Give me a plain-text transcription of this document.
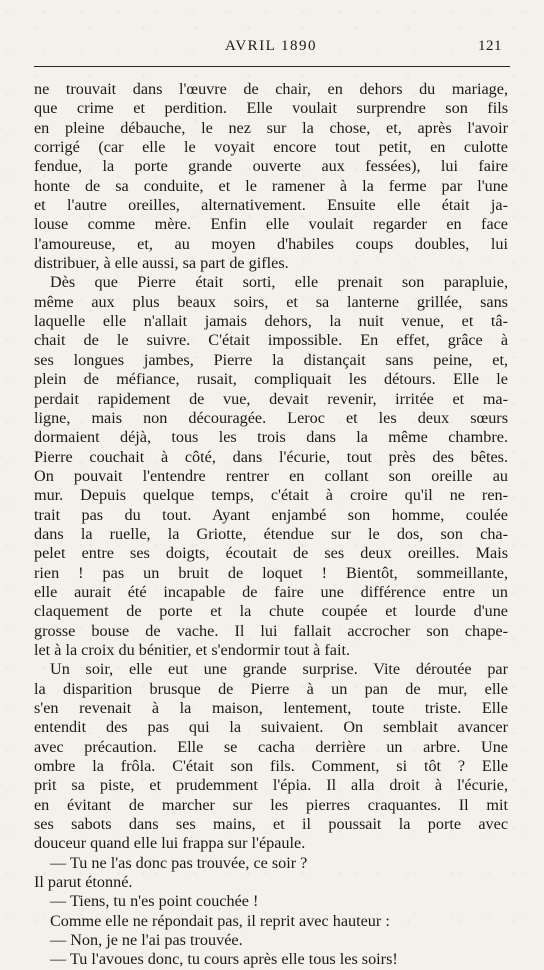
AVRIL 1890	121
ne trouvait dans l'œuvre de chair, en dehors du mariage,
que crime et perdition. Elle voulait surprendre son fils
en pleine débauche, le nez sur la chose, et, après l'avoir
corrigé (car elle le voyait encore tout petit, en culotte
fendue, la porte grande ouverte aux fessées), lui faire
honte de sa conduite, et le ramener à la ferme par l'une
et l'autre oreilles, alternativement. Ensuite elle était ja-
louse comme mère. Enfin elle voulait regarder en face
l'amoureuse, et, au moyen d'habiles coups doubles, lui
distribuer, à elle aussi, sa part de gifles.
Dès que Pierre était sorti, elle prenait son parapluie,
même aux plus beaux soirs, et sa lanterne grillée, sans
laquelle elle n'allait jamais dehors, la nuit venue, et tâ-
chait de le suivre. C'était impossible. En effet, grâce à
ses longues jambes, Pierre la distançait sans peine, et,
plein de méfiance, rusait, compliquait les détours. Elle le
perdait rapidement de vue, devait revenir, irritée et ma-
ligne, mais non découragée. Leroc et les deux sœurs
dormaient déjà, tous les trois dans la même chambre.
Pierre couchait à côté, dans l'écurie, tout près des bêtes.
On pouvait l'entendre rentrer en collant son oreille au
mur. Depuis quelque temps, c'était à croire qu'il ne ren-
trait pas du tout. Ayant enjambé son homme, coulée
dans la ruelle, la Griotte, étendue sur le dos, son cha-
pelet entre ses doigts, écoutait de ses deux oreilles. Mais
rien ! pas un bruit de loquet ! Bientôt, sommeillante,
elle aurait été incapable de faire une différence entre un
claquement de porte et la chute coupée et lourde d'une
grosse bouse de vache. Il lui fallait accrocher son chape-
let à la croix du bénitier, et s'endormir tout à fait.
Un soir, elle eut une grande surprise. Vite déroutée par
la disparition brusque de Pierre à un pan de mur, elle
s'en revenait à la maison, lentement, toute triste. Elle
entendit des pas qui la suivaient. On semblait avancer
avec précaution. Elle se cacha derrière un arbre. Une
ombre la frôla. C'était son fils. Comment, si tôt ? Elle
prit sa piste, et prudemment l'épia. Il alla droit à l'écurie,
en évitant de marcher sur les pierres craquantes. Il mit
ses sabots dans ses mains, et il poussait la porte avec
douceur quand elle lui frappa sur l'épaule.
— Tu ne l'as donc pas trouvée, ce soir ?
Il parut étonné.
— Tiens, tu n'es point couchée !
Comme elle ne répondait pas, il reprit avec hauteur :
— Non, je ne l'ai pas trouvée.
— Tu l'avoues donc, tu cours après elle tous les soirs!
